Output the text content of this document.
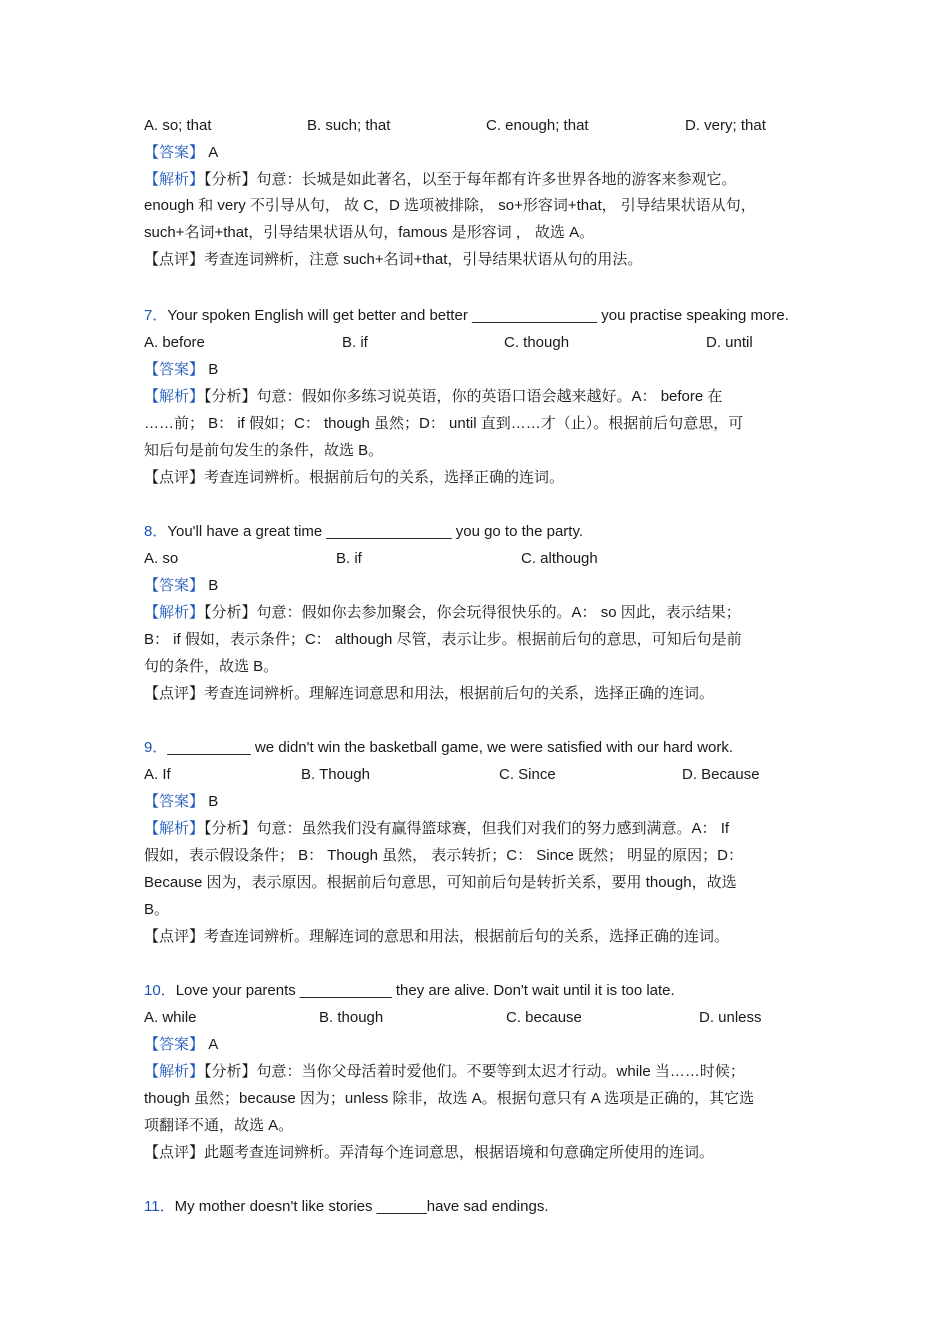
A. so; that	B. such; that	C. enough; that	D. very; that
【答案】 A
【解析】【分析】句意：长城是如此著名，以至于每年都有许多世界各地的游客来参观它。
enough 和 very 不引导从句， 故 C，D 选项被排除， so+形容词+that， 引导结果状语从句，
such+名词+that，引导结果状语从句，famous 是形容词 ， 故选 A。
【点评】考查连词辨析，注意 such+名词+that，引导结果状语从句的用法。
7．Your spoken English will get better and better _______________ you practise speaking more.
A. before	B. if	C. though	D. until
【答案】 B
【解析】【分析】句意：假如你多练习说英语，你的英语口语会越来越好。A： before 在
……前； B： if 假如；C： though 虽然；D： until 直到……才（止）。根据前后句意思，可
知后句是前句发生的条件，故选 B。
【点评】考查连词辨析。根据前后句的关系，选择正确的连词。
8．You'll have a great time _______________ you go to the party.
A. so	B. if	C. although
【答案】 B
【解析】【分析】句意：假如你去参加聚会，你会玩得很快乐的。A： so 因此，表示结果；
B： if 假如，表示条件；C： although 尽管，表示让步。根据前后句的意思，可知后句是前
句的条件，故选 B。
【点评】考查连词辨析。理解连词意思和用法，根据前后句的关系，选择正确的连词。
9．__________ we didn't win the basketball game, we were satisfied with our hard work.
A. If	B. Though	C. Since	D. Because
【答案】 B
【解析】【分析】句意：虽然我们没有赢得篮球赛，但我们对我们的努力感到满意。A： If
假如，表示假设条件； B： Though 虽然， 表示转折；C： Since 既然； 明显的原因；D：
Because 因为，表示原因。根据前后句意思，可知前后句是转折关系，要用 though，故选
B。
【点评】考查连词辨析。理解连词的意思和用法，根据前后句的关系，选择正确的连词。
10．Love your parents ___________ they are alive. Don't wait until it is too late.
A. while	B. though	C. because	D. unless
【答案】 A
【解析】【分析】句意：当你父母活着时爱他们。不要等到太迟才行动。while 当……时候；
though 虽然；because 因为；unless 除非，故选 A。根据句意只有 A 选项是正确的，其它选
项翻译不通，故选 A。
【点评】此题考查连词辨析。弄清每个连词意思，根据语境和句意确定所使用的连词。
11．My mother doesn't like stories ______have sad endings.
